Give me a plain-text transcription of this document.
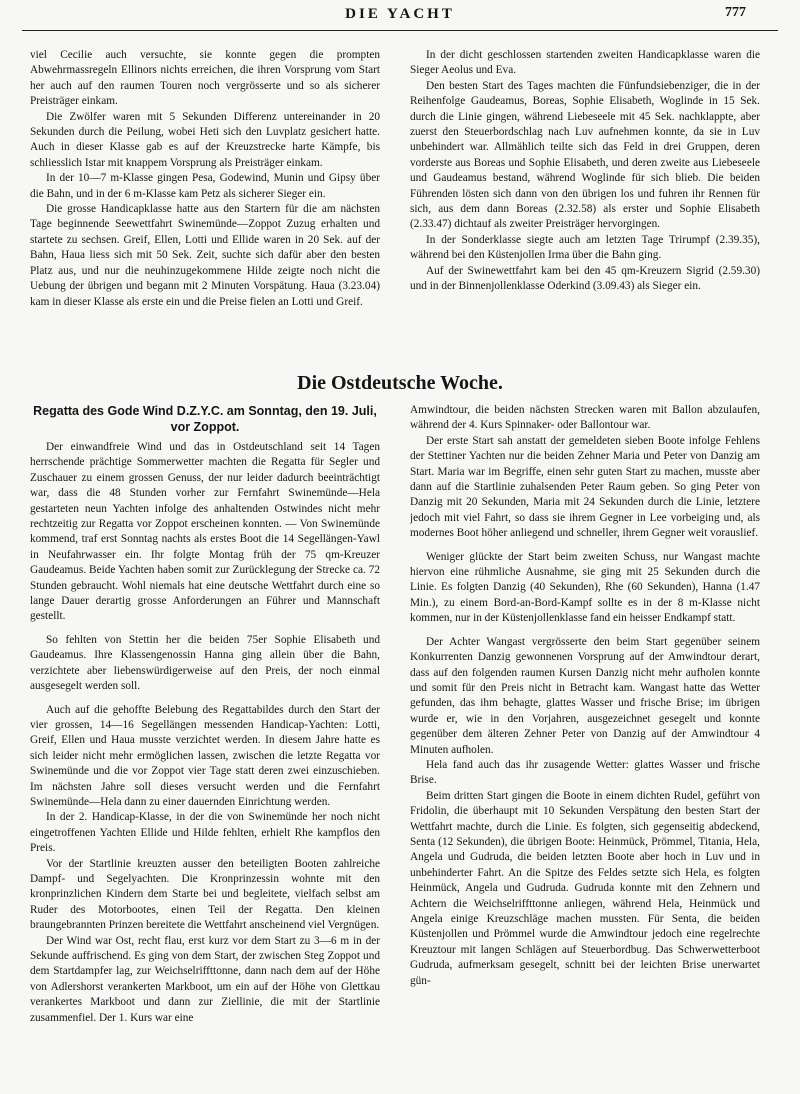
DIE YACHT	777

viel Cecilie auch versuchte, sie konnte gegen die prompten Abwehrmassregeln Ellinors nichts erreichen, die ihren Vorsprung vom Start her auch auf den raumen Touren noch vergrösserte und so als sicherer Preisträger einkam.

Die Zwölfer waren mit 5 Sekunden Differenz untereinander in 20 Sekunden durch die Peilung, wobei Heti sich den Luvplatz gesichert hatte. Auch in dieser Klasse gab es auf der Kreuzstrecke harte Kämpfe, bis schliesslich Istar mit knappem Vorsprung als Preisträger einkam.

In der 10—7 m-Klasse gingen Pesa, Godewind, Munin und Gipsy über die Bahn, und in der 6 m-Klasse kam Petz als sicherer Sieger ein.

Die grosse Handicapklasse hatte aus den Startern für die am nächsten Tage beginnende Seewettfahrt Swinemünde—Zoppot Zuzug erhalten und startete zu sechsen. Greif, Ellen, Lotti und Ellide waren in 20 Sek. auf der Bahn, Haua liess sich mit 50 Sek. Zeit, suchte sich dafür aber den besten Platz aus, und nur die neuhinzugekommene Hilde zeigte noch nicht die Uebung der übrigen und begann mit 2 Minuten Vorspätung. Haua (3.23.04) kam in dieser Klasse als erste ein und die Preise fielen an Lotti und Greif.

In der dicht geschlossen startenden zweiten Handicapklasse waren die Sieger Aeolus und Eva.

Den besten Start des Tages machten die Fünfundsiebenziger, die in der Reihenfolge Gaudeamus, Boreas, Sophie Elisabeth, Woglinde in 15 Sek. durch die Linie gingen, während Liebeseele mit 45 Sek. nachklappte, aber zuerst den Steuerbordschlag nach Luv aufnehmen konnte, da sie in Luv unbehindert war. Allmählich teilte sich das Feld in drei Gruppen, deren vorderste aus Boreas und Sophie Elisabeth, und deren zweite aus Liebeseele und Gaudeamus bestand, während Woglinde für sich blieb. Die beiden Führenden lösten sich dann von den übrigen los und fuhren ihr Rennen für sich, aus dem dann Boreas (2.32.58) als erster und Sophie Elisabeth (2.33.47) dichtauf als zweiter Preisträger hervorgingen.

In der Sonderklasse siegte auch am letzten Tage Trirumpf (2.39.35), während bei den Küstenjollen Irma über die Bahn ging.

Auf der Swinewettfahrt kam bei den 45 qm-Kreuzern Sigrid (2.59.30) und in der Binnenjollenklasse Oderkind (3.09.43) als Sieger ein.

Die Ostdeutsche Woche.
Regatta des Gode Wind D.Z.Y.C. am Sonntag, den 19. Juli, vor Zoppot.

Der einwandfreie Wind und das in Ostdeutschland seit 14 Tagen herrschende prächtige Sommerwetter machten die Regatta für Segler und Zuschauer zu einem grossen Genuss, der nur leider dadurch beeinträchtigt war, dass die 48 Stunden vorher zur Fernfahrt Swinemünde—Hela gestarteten neun Yachten infolge des anhaltenden Ostwindes nicht mehr rechtzeitig zur Regatta vor Zoppot erscheinen konnten. — Von Swinemünde kommend, traf erst Sonntag nachts als erstes Boot die 14 Segellängen-Yawl in Neufahrwasser ein. Ihr folgte Montag früh der 75 qm-Kreuzer Gaudeamus. Beide Yachten haben somit zur Zurücklegung der Strecke ca. 72 Stunden gebraucht. Wohl niemals hat eine deutsche Wettfahrt durch eine so lange Dauer derartig grosse Anforderungen an Führer und Mannschaft gestellt.

So fehlten von Stettin her die beiden 75er Sophie Elisabeth und Gaudeamus. Ihre Klassengenossin Hanna ging allein über die Bahn, verzichtete aber liebenswürdigerweise auf den Preis, der noch einmal ausgesegelt werden soll.

Auch auf die gehoffte Belebung des Regattabildes durch den Start der vier grossen, 14—16 Segellängen messenden Handicap-Yachten: Lotti, Greif, Ellen und Haua musste verzichtet werden. In diesem Jahre hatte es sich leider nicht mehr ermöglichen lassen, zwischen die letzte Regatta vor Swinemünde und die vor Zoppot vier Tage statt deren zwei einzuschieben. Im nächsten Jahre soll dieses versucht werden und die Fernfahrt Swinemünde—Hela dann zu einer dauernden Einrichtung werden.

In der 2. Handicap-Klasse, in der die von Swinemünde her noch nicht eingetroffenen Yachten Ellide und Hilde fehlten, erhielt Rhe kampflos den Preis.

Vor der Startlinie kreuzten ausser den beteiligten Booten zahlreiche Dampf- und Segelyachten. Die Kronprinzessin wohnte mit den kronprinzlichen Kindern dem Starte bei und begleitete, vielfach selbst am Ruder des Motorbootes, einen Teil der Regatta. Den kleinen braungebrannten Prinzen bereitete die Wettfahrt anscheinend viel Vergnügen.

Der Wind war Ost, recht flau, erst kurz vor dem Start zu 3—6 m in der Sekunde auffrischend. Es ging von dem Start, der zwischen Steg Zoppot und dem Startdampfer lag, zur Weichselriffttonne, dann nach dem auf der Höhe von Adlershorst verankerten Markboot, um ein auf der Höhe von Glettkau verankertes Markboot und dann zur Ziellinie, die mit der Startlinie zusammenfiel. Der 1. Kurs war eine

Amwindtour, die beiden nächsten Strecken waren mit Ballon abzulaufen, während der 4. Kurs Spinnaker- oder Ballontour war.

Der erste Start sah anstatt der gemeldeten sieben Boote infolge Fehlens der Stettiner Yachten nur die beiden Zehner Maria und Peter von Danzig am Start. Maria war im Begriffe, einen sehr guten Start zu machen, musste aber dann auf die Startlinie zuhalsenden Peter Raum geben. So ging Peter von Danzig mit 20 Sekunden, Maria mit 24 Sekunden durch die Linie, letztere jedoch mit viel Fahrt, so dass sie ihrem Gegner in Lee vorbeiging und, als modernes Boot höher anliegend und schneller, ihrem Gegner weit vorauslief.

Weniger glückte der Start beim zweiten Schuss, nur Wangast machte hiervon eine rühmliche Ausnahme, sie ging mit 25 Sekunden durch die Linie. Es folgten Danzig (40 Sekunden), Rhe (60 Sekunden), Hanna (1.47 Min.), zu einem Bord-an-Bord-Kampf sollte es in der 8 m-Klasse nicht kommen, nur in der Küstenjollenklasse fand ein heisser Endkampf statt.

Der Achter Wangast vergrösserte den beim Start gegenüber seinem Konkurrenten Danzig gewonnenen Vorsprung auf der Amwindtour derart, dass auf den folgenden raumen Kursen Danzig nicht mehr aufholen konnte und somit für den Preis nicht in Betracht kam. Wangast hatte das Wetter gefunden, das ihm behagte, glattes Wasser und frische Brise; im übrigen wurde er, wie in den Vorjahren, ausgezeichnet gesegelt und konnte gegenüber dem älteren Zehner Peter von Danzig auf der Amwindtour 4 Minuten aufholen.

Hela fand auch das ihr zusagende Wetter: glattes Wasser und frische Brise.

Beim dritten Start gingen die Boote in einem dichten Rudel, geführt von Fridolin, die überhaupt mit 10 Sekunden Verspätung den besten Start der Wettfahrt machte, durch die Linie. Es folgten, sich gegenseitig abdeckend, Senta (12 Sekunden), die übrigen Boote: Heinmück, Prömmel, Titania, Hela, Angela und Gudruda, die beiden letzten Boote aber hoch in Luv und in unbehinderter Fahrt. An die Spitze des Feldes setzte sich Hela, es folgten Heinmück, Angela und Gudruda. Gudruda konnte mit den Zehnern und Achtern die Weichselriffttonne anliegen, während Hela, Heinmück und Angela einige Kreuzschläge machen mussten. Für Senta, die beiden Küstenjollen und Prömmel wurde die Amwindtour jedoch eine regelrechte Kreuztour mit langen Schlägen auf Steuerbordbug. Das Schwerwetterboot Gudruda, aufmerksam gesegelt, schnitt bei der leichten Brise unerwartet gün-
